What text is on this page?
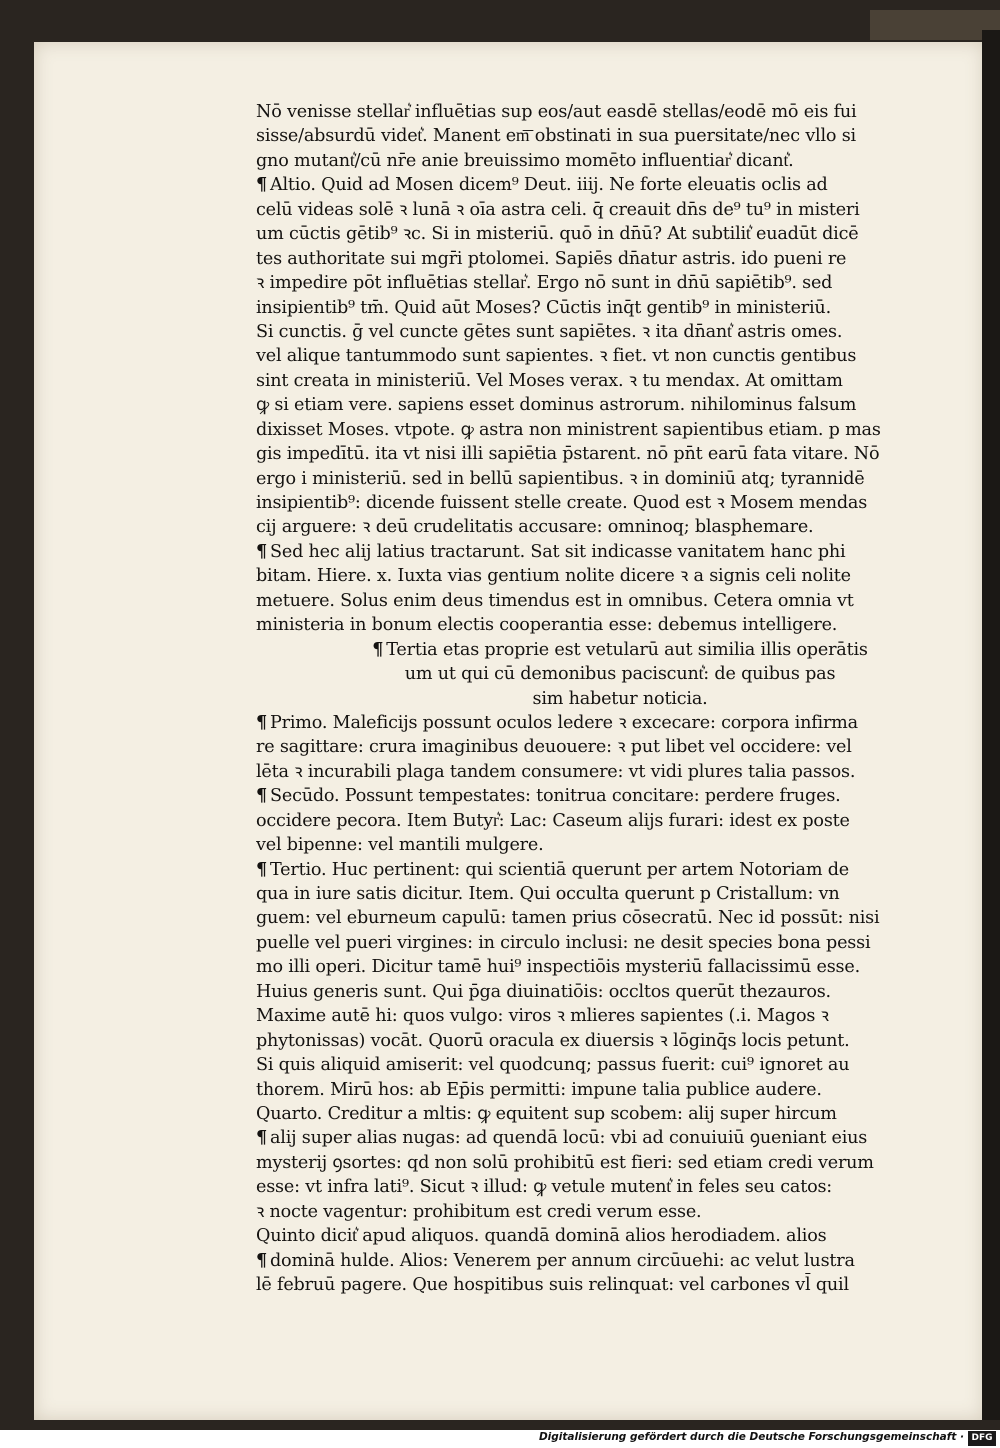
Nō venisse stellar͛ influētias sup eos/aut easdē stellas/eodē mō eis fui
sisse/absurdū videt͛. Manent em͞ obstinati in sua puersitate/nec vllo si
gno mutant͛/cū nr̄e anie breuissimo momēto influentiar͛ dicant͛.
¶ Altio. Quid ad Mosen dicem⁹ Deut. iiij. Ne forte eleuatis oclis ad
celū videas solē ꝛ lunā ꝛ oīa astra celi. q̄ creauit dn̄s de⁹ tu⁹ in misteri
um cūctis gētib⁹ ꝛc. Si in misteriū. quō in dn̄ū? At subtilit͛ euadūt dicē
tes authoritate sui mgr̄i ptolomei. Sapiēs dn̄atur astris. ido pueni re
ꝛ impedire pōt influētias stellar͛. Ergo nō sunt in dn̄ū sapiētib⁹. sed
insipientib⁹ tm̄. Quid aūt Moses? Cūctis inq̄t gentib⁹ in ministeriū.
Si cunctis. ḡ vel cuncte gētes sunt sapiētes. ꝛ ita dn̄ant͛ astris omes.
vel alique tantummodo sunt sapientes. ꝛ fiet. vt non cunctis gentibus
sint creata in ministeriū. Vel Moses verax. ꝛ tu mendax. At omittam
ꝙ si etiam vere. sapiens esset dominus astrorum. nihilominus falsum
dixisset Moses. vtpote. ꝙ astra non ministrent sapientibus etiam. p mas
gis impedītū. ita vt nisi illi sapiētia p̄starent. nō pn̄t earū fata vitare. Nō
ergo i ministeriū. sed in bellū sapientibus. ꝛ in dominiū atq; tyrannidē
insipientib⁹: dicende fuissent stelle create. Quod est ꝛ Mosem mendas
cij arguere: ꝛ deū crudelitatis accusare: omninoq; blasphemare.
¶ Sed hec alij latius tractarunt. Sat sit indicasse vanitatem hanc phi
bitam. Hiere. x. Iuxta vias gentium nolite dicere ꝛ a signis celi nolite
metuere. Solus enim deus timendus est in omnibus. Cetera omnia vt
ministeria in bonum electis cooperantia esse: debemus intelligere.
¶ Tertia etas proprie est vetularū aut similia illis operātis
um ut qui cū demonibus paciscunt͛: de quibus pas
sim habetur noticia.
¶ Primo. Maleficijs possunt oculos ledere ꝛ excecare: corpora infirma
re sagittare: crura imaginibus deuouere: ꝛ put libet vel occidere: vel
lēta ꝛ incurabili plaga tandem consumere: vt vidi plures talia passos.
¶ Secūdo. Possunt tempestates: tonitrua concitare: perdere fruges.
occidere pecora. Item Butyr͛: Lac: Caseum alijs furari: idest ex poste
vel bipenne: vel mantili mulgere.
¶ Tertio. Huc pertinent: qui scientiā querunt per artem Notoriam de
qua in iure satis dicitur. Item. Qui occulta querunt p Cristallum: vn
guem: vel eburneum capulū: tamen prius cōsecratū. Nec id possūt: nisi
puelle vel pueri virgines: in circulo inclusi: ne desit species bona pessi
mo illi operi. Dicitur tamē hui⁹ inspectiōis mysteriū fallacissimū esse.
Huius generis sunt. Qui p̄ga diuinatiōis: occltos querūt thezauros.
Maxime autē hi: quos vulgo: viros ꝛ mlieres sapientes (.i. Magos ꝛ
phytonissas) vocāt. Quorū oracula ex diuersis ꝛ lōginq̄s locis petunt.
Si quis aliquid amiserit: vel quodcunq; passus fuerit: cui⁹ ignoret au
thorem. Mirū hos: ab Ep̄is permitti: impune talia publice audere.
Quarto. Creditur a mltis: ꝙ equitent sup scobem: alij super hircum
¶ alij super alias nugas: ad quendā locū: vbi ad conuiuiū ꝯueniant eius
mysterij ꝯsortes: qd non solū prohibitū est fieri: sed etiam credi verum
esse: vt infra lati⁹. Sicut ꝛ illud: ꝙ vetule mutent͛ in feles seu catos:
ꝛ nocte vagentur: prohibitum est credi verum esse.
Quinto dicit͛ apud aliquos. quandā dominā alios herodiadem. alios
¶ dominā hulde. Alios: Venerem per annum circūuehi: ac velut lustra
lē februū pagere. Que hospitibus suis relinquat: vel carbones vl̄ quil
Digitalisierung gefördert durch die Deutsche Forschungsgemeinschaft · DFG
